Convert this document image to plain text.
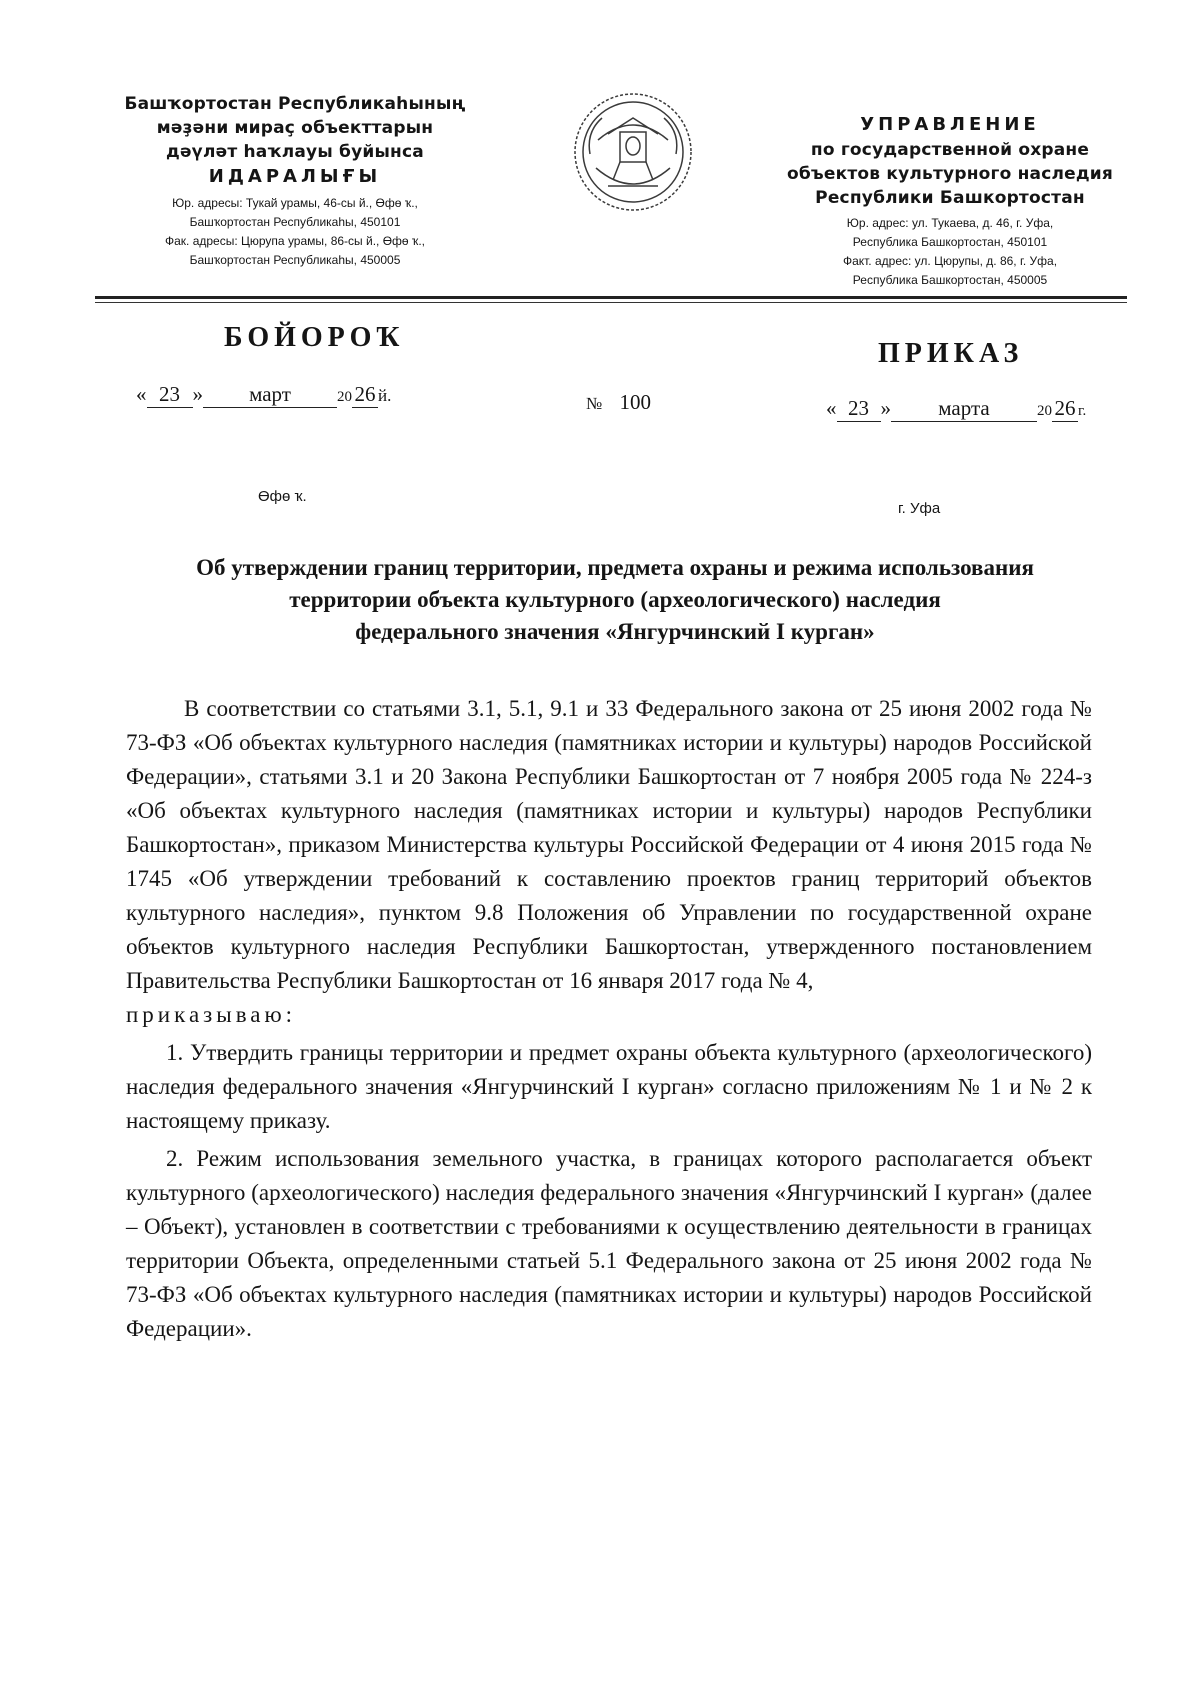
Башҡортостан Республикаһының
мәҙәни мираҫ объекттарын
дәүләт һаҡлауы буйынса
ИДАРАЛЫҒЫ
Юр. адресы: Тукай урамы, 46-сы й., Өфө ҡ.,
Башҡортостан Республикаһы, 450101
Фак. адресы: Цюрупа урамы, 86-сы й., Өфө ҡ.,
Башҡортостан Республикаһы, 450005
УПРАВЛЕНИЕ
по государственной охране
объектов культурного наследия
Республики Башкортостан
Юр. адрес: ул. Тукаева, д. 46, г. Уфа,
Республика Башкортостан, 450101
Факт. адрес: ул. Цюрупы, д. 86, г. Уфа,
Республика Башкортостан, 450005
БОЙОРОҠ
ПРИКАЗ
« 23 » март	20 26 й.	№ 100	« 23 » марта	20 26 г.
Өфө ҡ.
г. Уфа
Об утверждении границ территории, предмета охраны и режима использования
территории объекта культурного (археологического) наследия
федерального значения «Янгурчинский I курган»

В соответствии со статьями 3.1, 5.1, 9.1 и 33 Федерального закона от 25 июня 2002 года № 73-ФЗ «Об объектах культурного наследия (памятниках истории и культуры) народов Российской Федерации», статьями 3.1 и 20 Закона Республики Башкортостан от 7 ноября 2005 года № 224-з «Об объектах культурного наследия (памятниках истории и культуры) народов Республики Башкортостан», приказом Министерства культуры Российской Федерации от 4 июня 2015 года № 1745 «Об утверждении требований к составлению проектов границ территорий объектов культурного наследия», пунктом 9.8 Положения об Управлении по государственной охране объектов культурного наследия Республики Башкортостан, утвержденного постановлением Правительства Республики Башкортостан от 16 января 2017 года № 4,

приказываю:

1. Утвердить границы территории и предмет охраны объекта культурного (археологического) наследия федерального значения «Янгурчинский I курган» согласно приложениям № 1 и № 2 к настоящему приказу.

2. Режим использования земельного участка, в границах которого располагается объект культурного (археологического) наследия федерального значения «Янгурчинский I курган» (далее – Объект), установлен в соответствии с требованиями к осуществлению деятельности в границах территории Объекта, определенными статьей 5.1 Федерального закона от 25 июня 2002 года № 73-ФЗ «Об объектах культурного наследия (памятниках истории и культуры) народов Российской Федерации».
